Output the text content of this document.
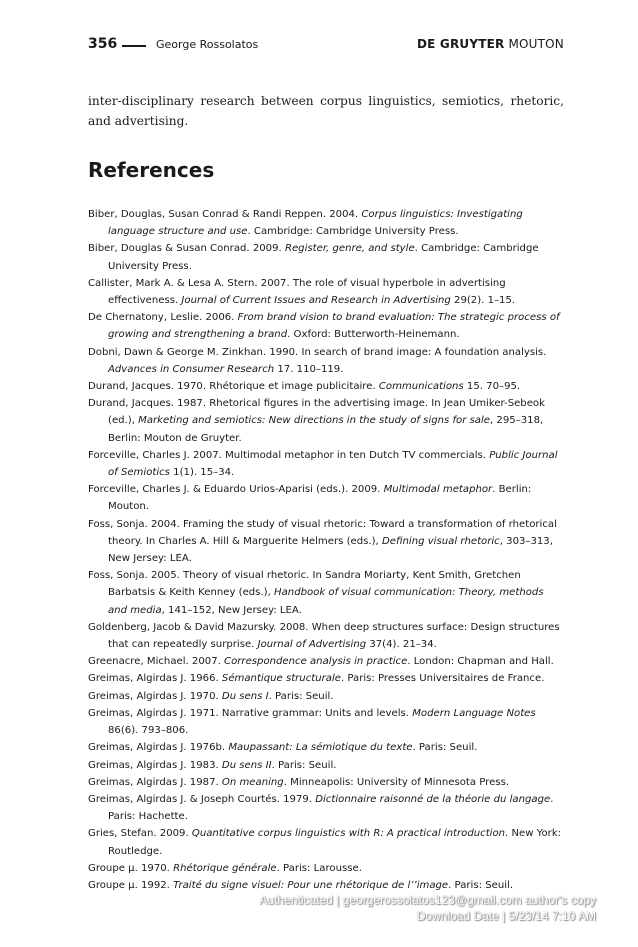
356	George Rossolatos	DE GRUYTER MOUTON

inter-disciplinary research between corpus linguistics, semiotics, rhetoric, and advertising.

References
Biber, Douglas, Susan Conrad & Randi Reppen. 2004. Corpus linguistics: Investigating language structure and use. Cambridge: Cambridge University Press.
Biber, Douglas & Susan Conrad. 2009. Register, genre, and style. Cambridge: Cambridge University Press.
Callister, Mark A. & Lesa A. Stern. 2007. The role of visual hyperbole in advertising effectiveness. Journal of Current Issues and Research in Advertising 29(2). 1–15.
De Chernatony, Leslie. 2006. From brand vision to brand evaluation: The strategic process of growing and strengthening a brand. Oxford: Butterworth-Heinemann.
Dobni, Dawn & George M. Zinkhan. 1990. In search of brand image: A foundation analysis. Advances in Consumer Research 17. 110–119.
Durand, Jacques. 1970. Rhétorique et image publicitaire. Communications 15. 70–95.
Durand, Jacques. 1987. Rhetorical figures in the advertising image. In Jean Umiker-Sebeok (ed.), Marketing and semiotics: New directions in the study of signs for sale, 295–318, Berlin: Mouton de Gruyter.
Forceville, Charles J. 2007. Multimodal metaphor in ten Dutch TV commercials. Public Journal of Semiotics 1(1). 15–34.
Forceville, Charles J. & Eduardo Urios-Aparisi (eds.). 2009. Multimodal metaphor. Berlin: Mouton.
Foss, Sonja. 2004. Framing the study of visual rhetoric: Toward a transformation of rhetorical theory. In Charles A. Hill & Marguerite Helmers (eds.), Defining visual rhetoric, 303–313, New Jersey: LEA.
Foss, Sonja. 2005. Theory of visual rhetoric. In Sandra Moriarty, Kent Smith, Gretchen Barbatsis & Keith Kenney (eds.), Handbook of visual communication: Theory, methods and media, 141–152, New Jersey: LEA.
Goldenberg, Jacob & David Mazursky. 2008. When deep structures surface: Design structures that can repeatedly surprise. Journal of Advertising 37(4). 21–34.
Greenacre, Michael. 2007. Correspondence analysis in practice. London: Chapman and Hall.
Greimas, Algirdas J. 1966. Sémantique structurale. Paris: Presses Universitaires de France.
Greimas, Algirdas J. 1970. Du sens I. Paris: Seuil.
Greimas, Algirdas J. 1971. Narrative grammar: Units and levels. Modern Language Notes 86(6). 793–806.
Greimas, Algirdas J. 1976b. Maupassant: La sémiotique du texte. Paris: Seuil.
Greimas, Algirdas J. 1983. Du sens II. Paris: Seuil.
Greimas, Algirdas J. 1987. On meaning. Minneapolis: University of Minnesota Press.
Greimas, Algirdas J. & Joseph Courtés. 1979. Dictionnaire raisonné de la théorie du langage. Paris: Hachette.
Gries, Stefan. 2009. Quantitative corpus linguistics with R: A practical introduction. New York: Routledge.
Groupe μ. 1970. Rhétorique générale. Paris: Larousse.
Groupe μ. 1992. Traité du signe visuel: Pour une rhétorique de l’’image. Paris: Seuil.
Authenticated | georgerossolatos123@gmail.com author's copy
Download Date | 5/23/14 7:10 AM
